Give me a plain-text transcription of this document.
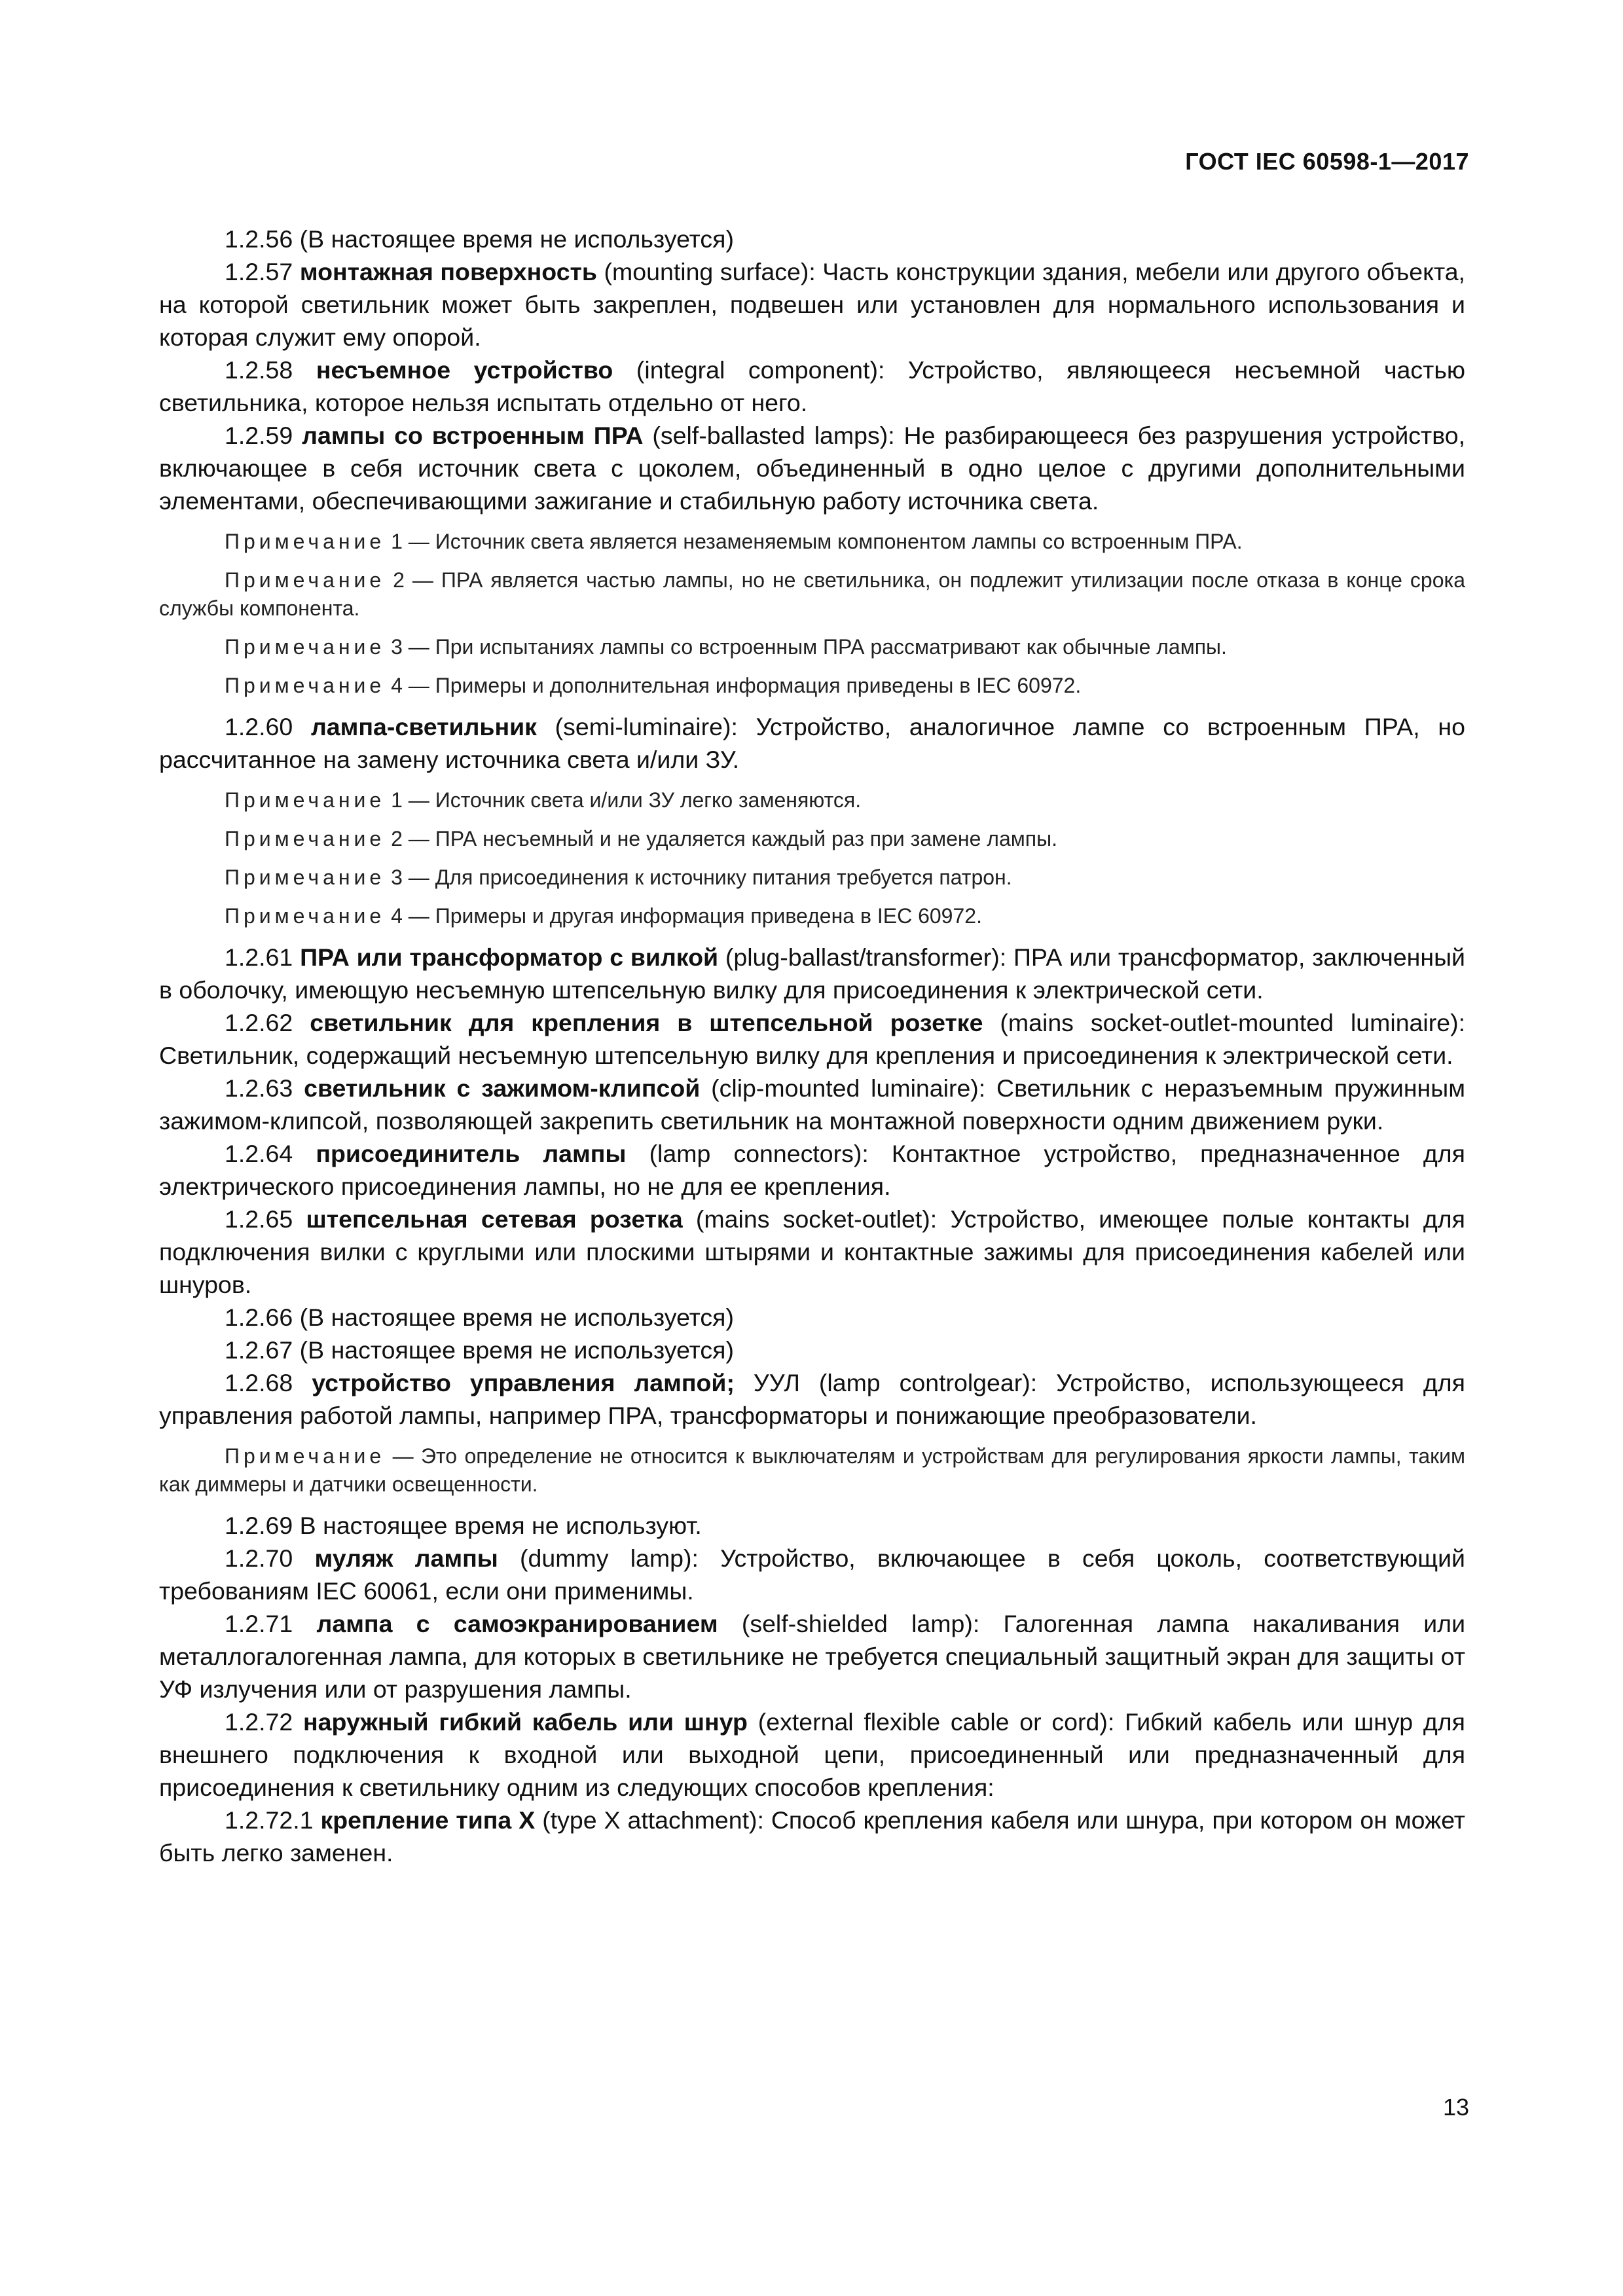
ГОСТ IEC 60598-1—2017

1.2.56 (В настоящее время не используется)

1.2.57 монтажная поверхность (mounting surface): Часть конструкции здания, мебели или другого объекта, на которой светильник может быть закреплен, подвешен или установлен для нормального использования и которая служит ему опорой.

1.2.58 несъемное устройство (integral component): Устройство, являющееся несъемной частью светильника, которое нельзя испытать отдельно от него.

1.2.59 лампы со встроенным ПРА (self-ballasted lamps): Не разбирающееся без разрушения устройство, включающее в себя источник света с цоколем, объединенный в одно целое с другими дополнительными элементами, обеспечивающими зажигание и стабильную работу источника света.

Примечание 1 — Источник света является незаменяемым компонентом лампы со встроенным ПРА.

Примечание 2 — ПРА является частью лампы, но не светильника, он подлежит утилизации после отказа в конце срока службы компонента.

Примечание 3 — При испытаниях лампы со встроенным ПРА рассматривают как обычные лампы.

Примечание 4 — Примеры и дополнительная информация приведены в IEC 60972.

1.2.60 лампа-светильник (semi-luminaire): Устройство, аналогичное лампе со встроенным ПРА, но рассчитанное на замену источника света и/или ЗУ.

Примечание 1 — Источник света и/или ЗУ легко заменяются.

Примечание 2 — ПРА несъемный и не удаляется каждый раз при замене лампы.

Примечание 3 — Для присоединения к источнику питания требуется патрон.

Примечание 4 — Примеры и другая информация приведена в IEC 60972.

1.2.61 ПРА или трансформатор с вилкой (plug-ballast/transformer): ПРА или трансформатор, заключенный в оболочку, имеющую несъемную штепсельную вилку для присоединения к электрической сети.

1.2.62 светильник для крепления в штепсельной розетке (mains socket-outlet-mounted luminaire): Светильник, содержащий несъемную штепсельную вилку для крепления и присоединения к электрической сети.

1.2.63 светильник с зажимом-клипсой (clip-mounted luminaire): Светильник с неразъемным пружинным зажимом-клипсой, позволяющей закрепить светильник на монтажной поверхности одним движением руки.

1.2.64 присоединитель лампы (lamp connectors): Контактное устройство, предназначенное для электрического присоединения лампы, но не для ее крепления.

1.2.65 штепсельная сетевая розетка (mains socket-outlet): Устройство, имеющее полые контакты для подключения вилки с круглыми или плоскими штырями и контактные зажимы для присоединения кабелей или шнуров.

1.2.66 (В настоящее время не используется)

1.2.67 (В настоящее время не используется)

1.2.68 устройство управления лампой; УУЛ (lamp controlgear): Устройство, использующееся для управления работой лампы, например ПРА, трансформаторы и понижающие преобразователи.

Примечание — Это определение не относится к выключателям и устройствам для регулирования яркости лампы, таким как диммеры и датчики освещенности.

1.2.69 В настоящее время не используют.

1.2.70 муляж лампы (dummy lamp): Устройство, включающее в себя цоколь, соответствующий требованиям IEC 60061, если они применимы.

1.2.71 лампа с самоэкранированием (self-shielded lamp): Галогенная лампа накаливания или металлогалогенная лампа, для которых в светильнике не требуется специальный защитный экран для защиты от УФ излучения или от разрушения лампы.

1.2.72 наружный гибкий кабель или шнур (external flexible cable or cord): Гибкий кабель или шнур для внешнего подключения к входной или выходной цепи, присоединенный или предназначенный для присоединения к светильнику одним из следующих способов крепления:

1.2.72.1 крепление типа X (type X attachment): Способ крепления кабеля или шнура, при котором он может быть легко заменен.

13
